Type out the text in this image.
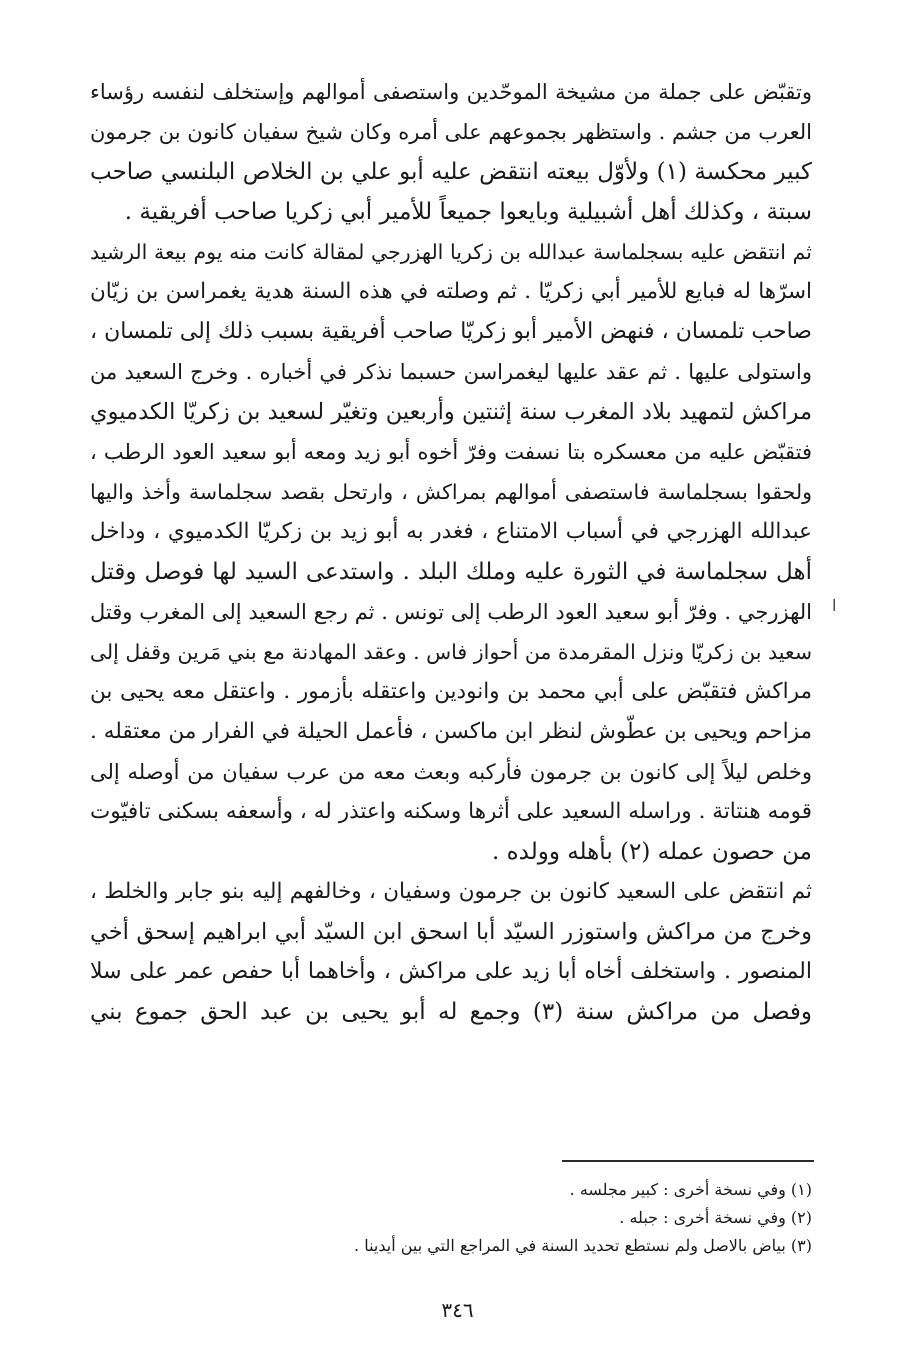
وتقبّض على جملة من مشيخة الموحّدين واستصفى أموالهم وإستخلف لنفسه رؤساء
العرب من جشم . واستظهر بجموعهم على أمره وكان شيخ سفيان كانون بن جرمون
كبير محكسة (١) ولأوّل بيعته انتقض عليه أبو علي بن الخلاص البلنسي صاحب
سبتة ، وكذلك أهل أشبيلية وبايعوا جميعاً للأمير أبي زكريا صاحب أفريقية .
ثم انتقض عليه بسجلماسة عبدالله بن زكريا الهزرجي لمقالة كانت منه يوم بيعة الرشيد
اسرّها له فبايع للأمير أبي زكريّا . ثم وصلته في هذه السنة هدية يغمراسن بن زيّان
صاحب تلمسان ، فنهض الأمير أبو زكريّا صاحب أفريقية بسبب ذلك إلى تلمسان ،
واستولى عليها . ثم عقد عليها ليغمراسن حسبما نذكر في أخباره . وخرج السعيد من
مراكش لتمهيد بلاد المغرب سنة إثنتين وأربعين وتغيّر لسعيد بن زكريّا الكدميوي
فتقبّض عليه من معسكره بتا نسفت وفرّ أخوه أبو زيد ومعه أبو سعيد العود الرطب ،
ولحقوا بسجلماسة فاستصفى أموالهم بمراكش ، وارتحل بقصد سجلماسة وأخذ واليها
عبدالله الهزرجي في أسباب الامتناع ، فغدر به أبو زيد بن زكريّا الكدميوي ، وداخل
أهل سجلماسة في الثورة عليه وملك البلد . واستدعى السيد لها فوصل وقتل
الهزرجي . وفرّ أبو سعيد العود الرطب إلى تونس . ثم رجع السعيد إلى المغرب وقتل
سعيد بن زكريّا ونزل المقرمدة من أحواز فاس . وعقد المهادنة مع بني مَرين وقفل إلى
مراكش فتقبّض على أبي محمد بن وانودين واعتقله بأزمور . واعتقل معه يحيى بن
مزاحم ويحيى بن عطّوش لنظر ابن ماكسن ، فأعمل الحيلة في الفرار من معتقله .
وخلص ليلاً إلى كانون بن جرمون فأركبه وبعث معه من عرب سفيان من أوصله إلى
قومه هنتاتة . وراسله السعيد على أثرها وسكنه واعتذر له ، وأسعفه بسكنى تافيّوت
من حصون عمله (٢) بأهله وولده .
ثم انتقض على السعيد كانون بن جرمون وسفيان ، وخالفهم إليه بنو جابر والخلط ،
وخرج من مراكش واستوزر السيّد أبا اسحق ابن السيّد أبي ابراهيم إسحق أخي
المنصور . واستخلف أخاه أبا زيد على مراكش ، وأخاهما أبا حفص عمر على سلا
وفصل من مراكش سنة (٣) وجمع له أبو يحيى بن عبد الحق جموع بني
ا
(١) وفي نسخة أخرى : كبير مجلسه .
(٢) وفي نسخة أخرى : جبله .
(٣) بياض بالاصل ولم نستطع تحديد السنة في المراجع التي بين أيدينا .
٣٤٦
